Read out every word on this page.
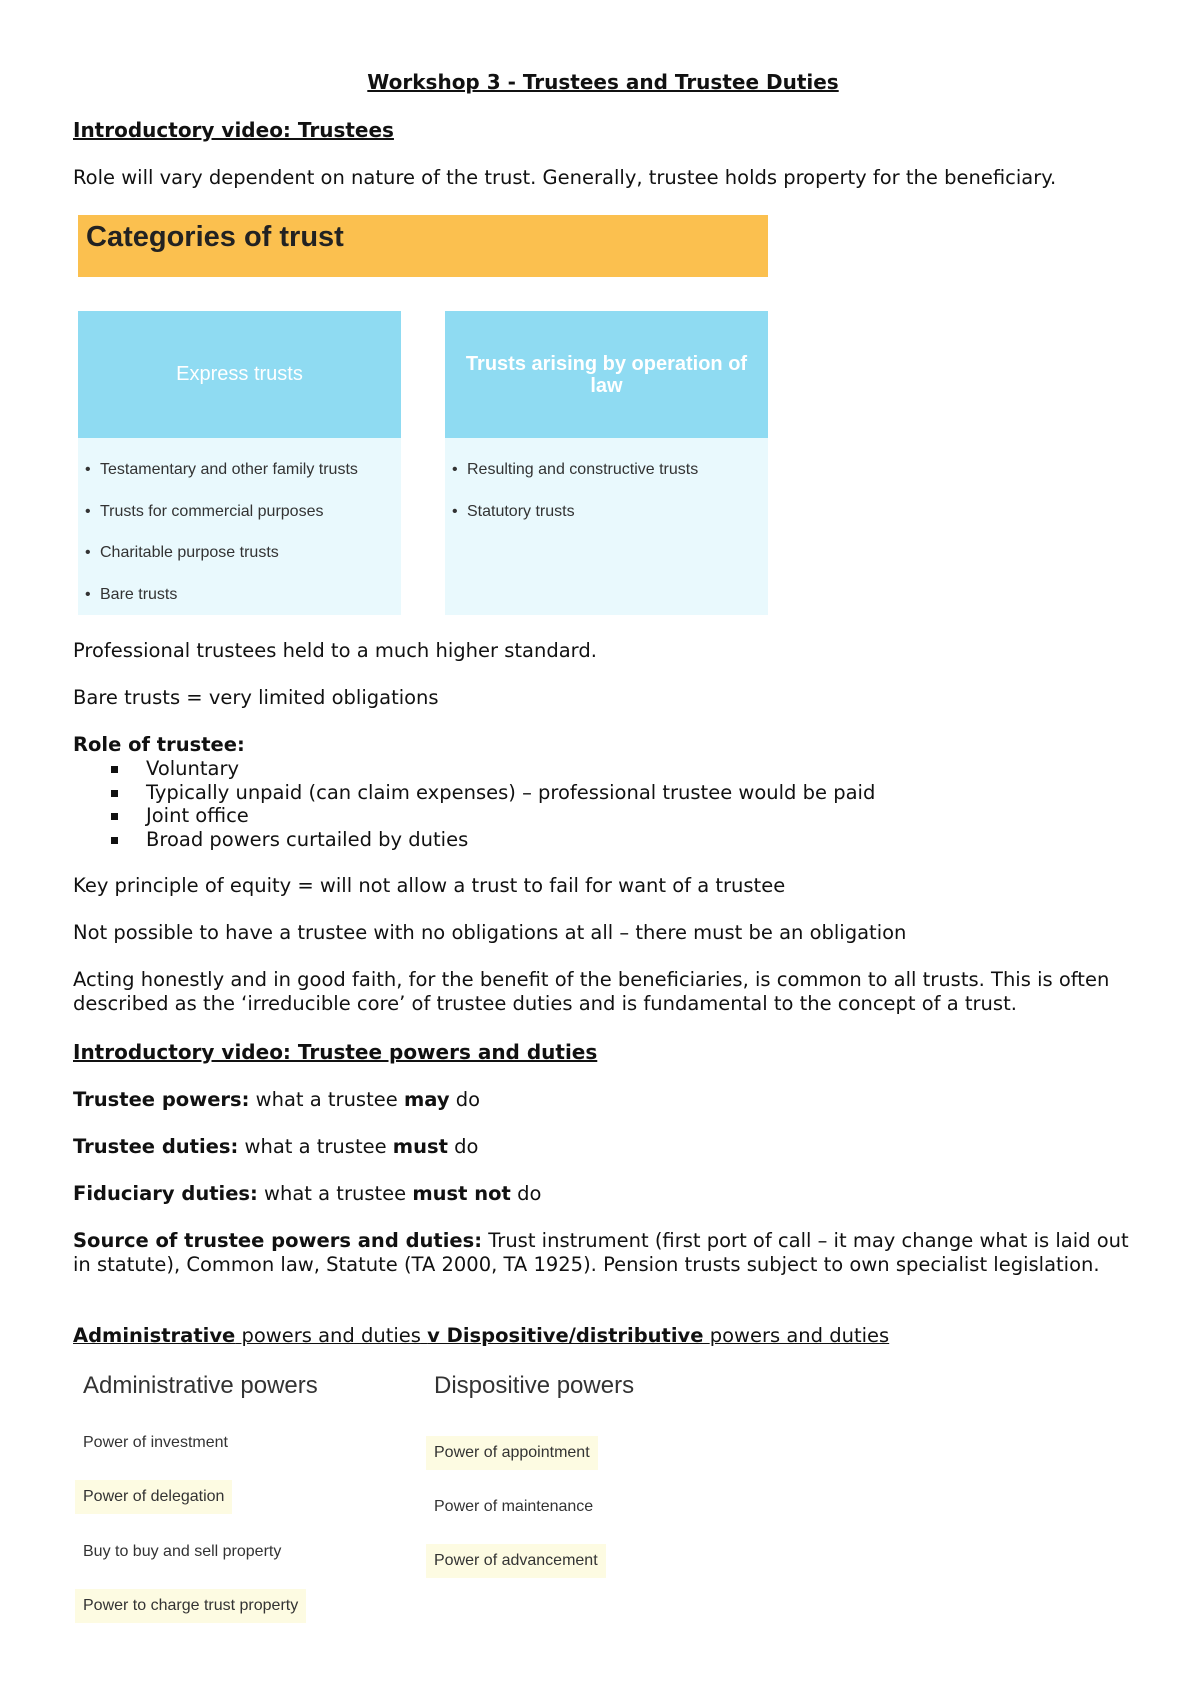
Workshop 3 - Trustees and Trustee Duties
Introductory video: Trustees
Role will vary dependent on nature of the trust. Generally, trustee holds property for the beneficiary.
Professional trustees held to a much higher standard.
Bare trusts = very limited obligations
Role of trustee:
Voluntary
Typically unpaid (can claim expenses) – professional trustee would be paid
Joint office
Broad powers curtailed by duties
Key principle of equity = will not allow a trust to fail for want of a trustee
Not possible to have a trustee with no obligations at all – there must be an obligation
Acting honestly and in good faith, for the benefit of the beneficiaries, is common to all trusts. This is often described as the ‘irreducible core’ of trustee duties and is fundamental to the concept of a trust.
Introductory video: Trustee powers and duties
Trustee powers: what a trustee may do
Trustee duties: what a trustee must do
Fiduciary duties: what a trustee must not do
Source of trustee powers and duties: Trust instrument (first port of call – it may change what is laid out in statute), Common law, Statute (TA 2000, TA 1925). Pension trusts subject to own specialist legislation.
Administrative powers and duties v Dispositive/distributive powers and duties
Categories of trust
Express trusts
• Testamentary and other family trusts
• Trusts for commercial purposes
• Charitable purpose trusts
• Bare trusts
Trusts arising by operation of law
• Resulting and constructive trusts
• Statutory trusts
Administrative powers	Dispositive powers
Power of investment
Power of delegation
Buy to buy and sell property
Power to charge trust property
Power of appointment
Power of maintenance
Power of advancement
